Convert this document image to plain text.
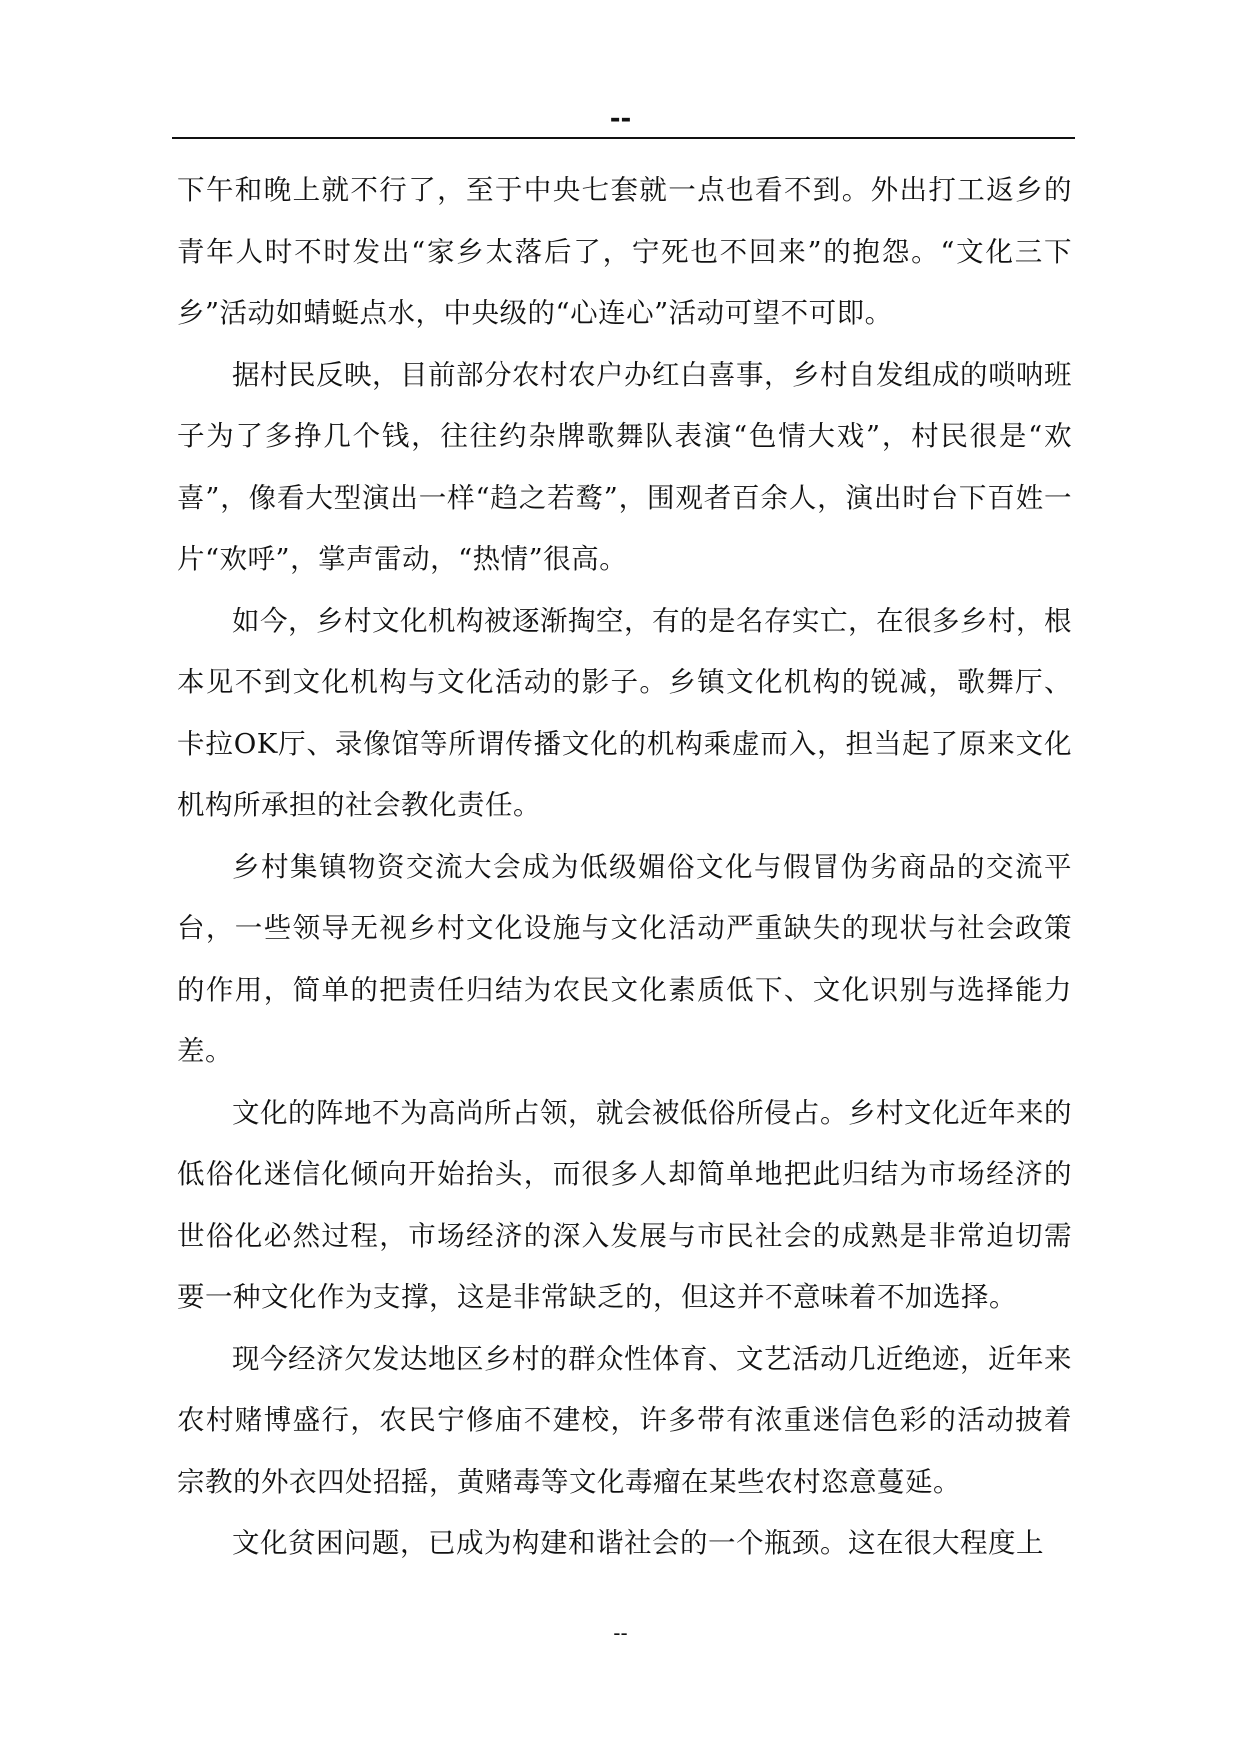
--

下午和晚上就不行了，至于中央七套就一点也看不到。外出打工返乡的青年人时不时发出“家乡太落后了，宁死也不回来”的抱怨。“文化三下乡”活动如蜻蜓点水，中央级的“心连心”活动可望不可即。

据村民反映，目前部分农村农户办红白喜事，乡村自发组成的唢呐班子为了多挣几个钱，往往约杂牌歌舞队表演“色情大戏”，村民很是“欢喜”，像看大型演出一样“趋之若鹜”，围观者百余人，演出时台下百姓一片“欢呼”，掌声雷动，“热情”很高。

如今，乡村文化机构被逐渐掏空，有的是名存实亡，在很多乡村，根本见不到文化机构与文化活动的影子。乡镇文化机构的锐减，歌舞厅、卡拉OK厅、录像馆等所谓传播文化的机构乘虚而入，担当起了原来文化机构所承担的社会教化责任。

乡村集镇物资交流大会成为低级媚俗文化与假冒伪劣商品的交流平台，一些领导无视乡村文化设施与文化活动严重缺失的现状与社会政策的作用，简单的把责任归结为农民文化素质低下、文化识别与选择能力差。

文化的阵地不为高尚所占领，就会被低俗所侵占。乡村文化近年来的低俗化迷信化倾向开始抬头，而很多人却简单地把此归结为市场经济的世俗化必然过程，市场经济的深入发展与市民社会的成熟是非常迫切需要一种文化作为支撑，这是非常缺乏的，但这并不意味着不加选择。

现今经济欠发达地区乡村的群众性体育、文艺活动几近绝迹，近年来农村赌博盛行，农民宁修庙不建校，许多带有浓重迷信色彩的活动披着宗教的外衣四处招摇，黄赌毒等文化毒瘤在某些农村恣意蔓延。

文化贫困问题，已成为构建和谐社会的一个瓶颈。这在很大程度上

--
